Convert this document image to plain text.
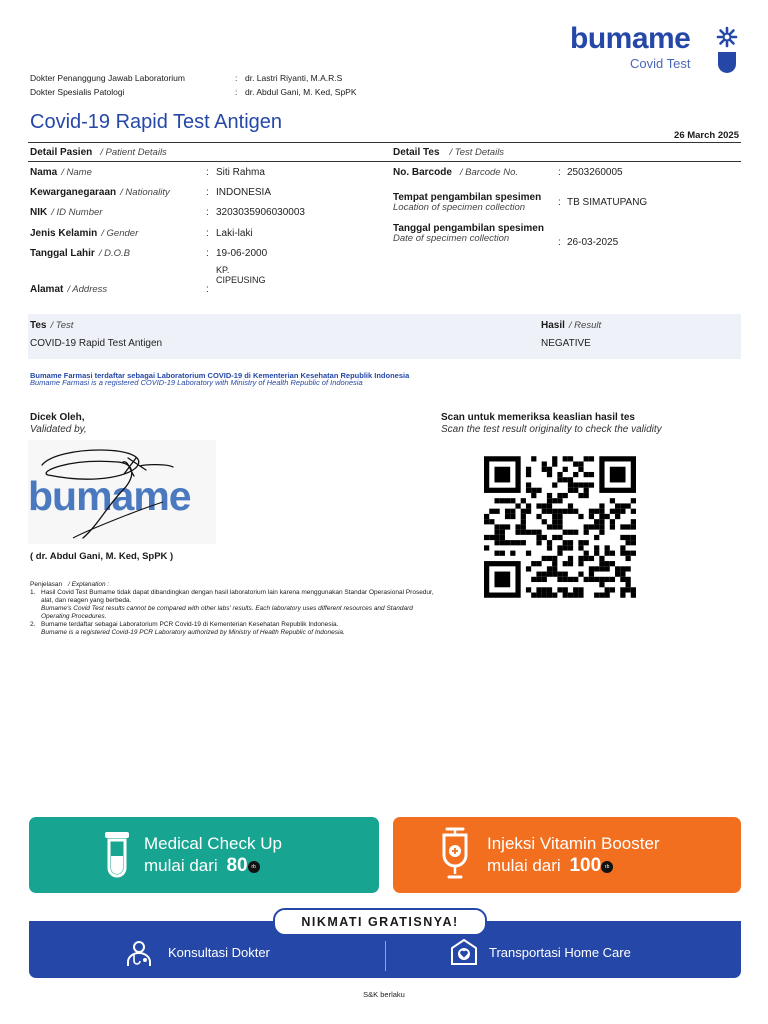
bumame
Covid Test
Dokter Penanggung Jawab Laboratorium	: dr. Lastri Riyanti, M.A.R.S
Dokter Spesialis Patologi	: dr. Abdul Gani, M. Ked, SpPK
Covid-19 Rapid Test Antigen
26 March 2025
Detail Pasien / Patient Details	Detail Tes / Test Details
Nama / Name	: Siti Rahma
Kewarganegaraan / Nationality	: INDONESIA
NIK / ID Number	: 3203035906030003
Jenis Kelamin / Gender	: Laki-laki
Tanggal Lahir / D.O.B	: 19-06-2000
Alamat / Address	:
KP.
CIPEUSING
No. Barcode / Barcode No.	: 2503260005
Tempat pengambilan spesimen
Location of specimen collection	: TB SIMATUPANG
Tanggal pengambilan spesimen
Date of specimen collection	: 26-03-2025
Tes / Test
COVID-19 Rapid Test Antigen
Hasil / Result
NEGATIVE
Bumame Farmasi terdaftar sebagai Laboratorium COVID-19 di Kementerian Kesehatan Republik Indonesia
Bumame Farmasi is a registered COVID-19 Laboratory with Ministry of Health Republic of Indonesia
Dicek Oleh,
Validated by,
bumame
( dr. Abdul Gani, M. Ked, SpPK )
Scan untuk memeriksa keaslian hasil tes
Scan the test result originality to check the validity
Penjelasan / Explanation :
1. Hasil Covid Test Bumame tidak dapat dibandingkan dengan hasil laboratorium lain karena menggunakan Standar Operasional Prosedur, alat, dan reagen yang berbeda.
Bumame's Covid Test results cannot be compared with other labs' results. Each laboratory uses different resources and Standard Operating Procedures.
2. Bumame terdaftar sebagai Laboratorium PCR Covid-19 di Kementerian Kesehatan Republik Indonesia.
Bumame is a registered Covid-19 PCR Laboratory authorized by Ministry of Health Republic of Indonesia.
Medical Check Up
mulai dari 80 rb
Injeksi Vitamin Booster
mulai dari 100 rb
Konsultasi Dokter	Transportasi Home Care
NIKMATI GRATISNYA!
S&K berlaku
